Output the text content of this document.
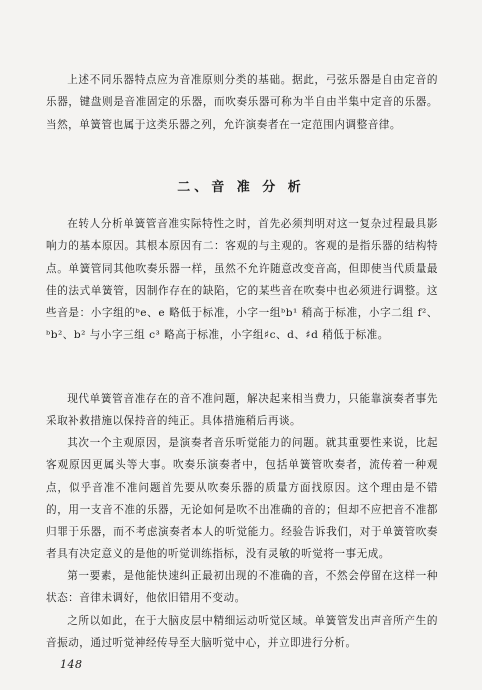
上述不同乐器特点应为音准原则分类的基础。据此，弓弦乐器是自由定音的乐器，键盘则是音准固定的乐器，而吹奏乐器可称为半自由半集中定音的乐器。当然，单簧管也属于这类乐器之列，允许演奏者在一定范围内调整音律。

二、音 准 分 析

在转人分析单簧管音准实际特性之时，首先必须判明对这一复杂过程最具影响力的基本原因。其根本原因有二：客观的与主观的。客观的是指乐器的结构特点。单簧管同其他吹奏乐器一样，虽然不允许随意改变音高，但即使当代质量最佳的法式单簧管，因制作存在的缺陷，它的某些音在吹奏中也必须进行调整。这些音是：小字组的ᵇe、e 略低于标准，小字一组ᵇb¹ 稍高于标准，小字二组 f²、ᵇb²、b² 与小字三组 c³ 略高于标准，小字组♯c、d、♯d 稍低于标准。

现代单簧管音准存在的音不准问题，解决起来相当费力，只能靠演奏者事先采取补救措施以保持音的纯正。具体措施稍后再谈。

其次一个主观原因，是演奏者音乐听觉能力的问题。就其重要性来说，比起客观原因更属头等大事。吹奏乐演奏者中，包括单簧管吹奏者，流传着一种观点，似乎音准不准问题首先要从吹奏乐器的质量方面找原因。这个理由是不错的，用一支音不准的乐器，无论如何是吹不出准确的音的；但却不应把音不准都归罪于乐器，而不考虑演奏者本人的听觉能力。经验告诉我们，对于单簧管吹奏者具有决定意义的是他的听觉训练指标，没有灵敏的听觉将一事无成。

第一要素，是他能快速纠正最初出现的不准确的音，不然会停留在这样一种状态：音律未调好，他依旧错用不变动。

之所以如此，在于大脑皮层中精细运动听觉区域。单簧管发出声音所产生的音振动，通过听觉神经传导至大脑听觉中心，并立即进行分析。

148
